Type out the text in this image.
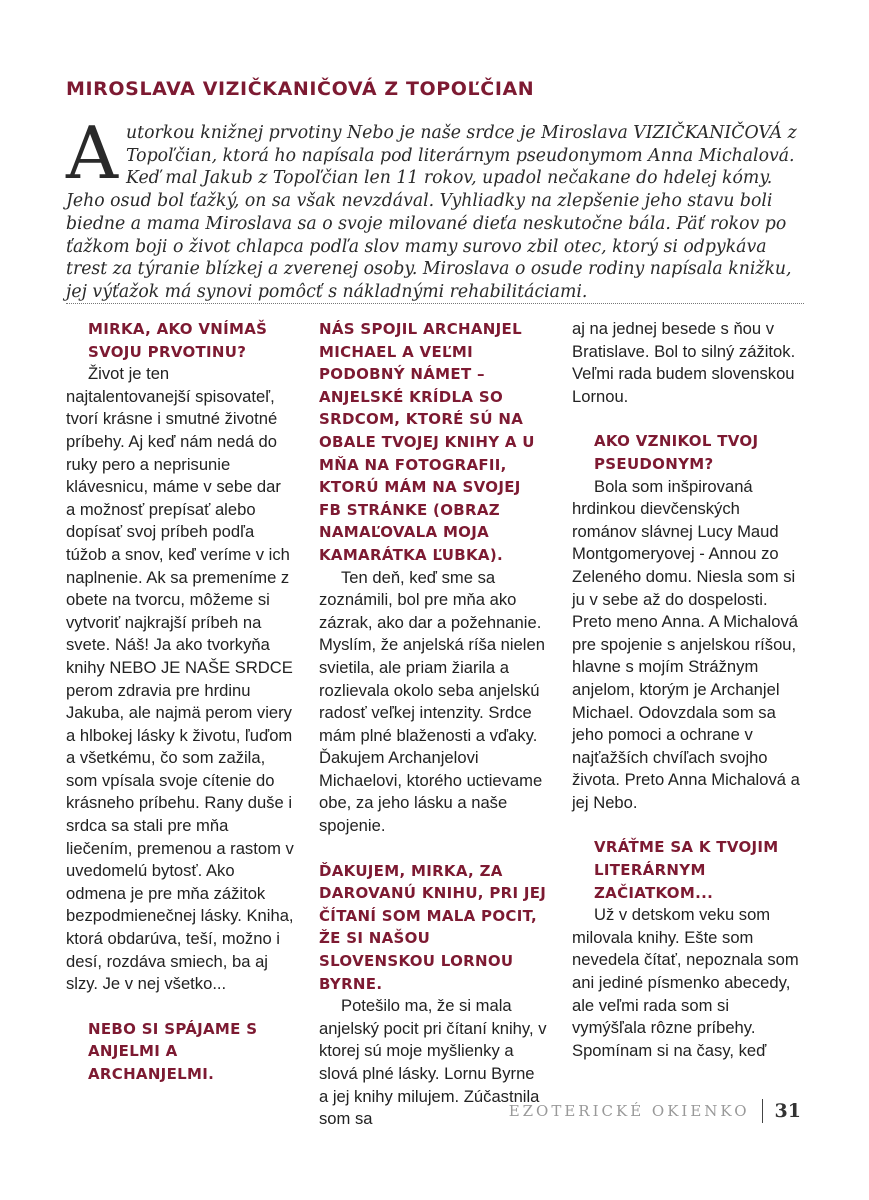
MIROSLAVA VIZIČKANIČOVÁ Z TOPOĽČIAN

Autorkou knižnej prvotiny Nebo je naše srdce je Miroslava VIZIČKANIČOVÁ z Topoľčian, ktorá ho napísala pod literárnym pseudonymom Anna Michalová. Keď mal Jakub z Topoľčian len 11 rokov, upadol nečakane do hdelej kómy. Jeho osud bol ťažký, on sa však nevzdával. Vyhliadky na zlepšenie jeho stavu boli biedne a mama Miroslava sa o svoje milované dieťa neskutočne bála. Päť rokov po ťažkom boji o život chlapca podľa slov mamy surovo zbil otec, ktorý si odpykáva trest za týranie blízkej a zverenej osoby. Miroslava o osude rodiny napísala knižku, jej výťažok má synovi pomôcť s nákladnými rehabilitáciami.

MIRKA, AKO VNÍMAŠ SVOJU PRVOTINU?

Život je ten najtalentovanejší spisovateľ, tvorí krásne i smutné životné príbehy. Aj keď nám nedá do ruky pero a neprisunie klávesnicu, máme v sebe dar a možnosť prepísať alebo dopísať svoj príbeh podľa túžob a snov, keď veríme v ich naplnenie. Ak sa premeníme z obete na tvorcu, môžeme si vytvoriť najkrajší príbeh na svete. Náš! Ja ako tvorkyňa knihy NEBO JE NAŠE SRDCE perom zdravia pre hrdinu Jakuba, ale najmä perom viery a hlbokej lásky k životu, ľuďom a všetkému, čo som zažila, som vpísala svoje cítenie do krásneho príbehu. Rany duše i srdca sa stali pre mňa liečením, premenou a rastom v uvedomelú bytosť. Ako odmena je pre mňa zážitok bezpodmienečnej lásky. Kniha, ktorá obdarúva, teší, možno i desí, rozdáva smiech, ba aj slzy. Je v nej všetko...

NEBO SI SPÁJAME S ANJELMI A ARCHANJELMI.
NÁS SPOJIL ARCHANJEL MICHAEL A VEĽMI PODOBNÝ NÁMET – ANJELSKÉ KRÍDLA SO SRDCOM, KTORÉ SÚ NA OBALE TVOJEJ KNIHY A U MŇA NA FOTOGRAFII, KTORÚ MÁM NA SVOJEJ FB STRÁNKE (OBRAZ NAMAĽOVALA MOJA KAMARÁTKA ĽUBKA).

Ten deň, keď sme sa zoznámili, bol pre mňa ako zázrak, ako dar a požehnanie. Myslím, že anjelská ríša nielen svietila, ale priam žiarila a rozlievala okolo seba anjelskú radosť veľkej intenzity. Srdce mám plné blaženosti a vďaky. Ďakujem Archanjelovi Michaelovi, ktorého uctievame obe, za jeho lásku a naše spojenie.

ĎAKUJEM, MIRKA, ZA DAROVANÚ KNIHU, PRI JEJ ČÍTANÍ SOM MALA POCIT, ŽE SI NAŠOU SLOVENSKOU LORNOU BYRNE.

Potešilo ma, že si mala anjelský pocit pri čítaní knihy, v ktorej sú moje myšlienky a slová plné lásky. Lornu Byrne a jej knihy milujem. Zúčastnila som sa

aj na jednej besede s ňou v Bratislave. Bol to silný zážitok. Veľmi rada budem slovenskou Lornou.

AKO VZNIKOL TVOJ PSEUDONYM?

Bola som inšpirovaná hrdinkou dievčenských románov slávnej Lucy Maud Montgomeryovej - Annou zo Zeleného domu. Niesla som si ju v sebe až do dospelosti. Preto meno Anna. A Michalová pre spojenie s anjelskou ríšou, hlavne s mojím Strážnym anjelom, ktorým je Archanjel Michael. Odovzdala som sa jeho pomoci a ochrane v najťažších chvíľach svojho života. Preto Anna Michalová a jej Nebo.

VRÁŤME SA K TVOJIM LITERÁRNYM ZAČIATKOM...

Už v detskom veku som milovala knihy. Ešte som nevedela čítať, nepoznala som ani jediné písmenko abecedy, ale veľmi rada som si vymýšľala rôzne príbehy. Spomínam si na časy, keď

EZOTERICKÉ OKIENKO 31
